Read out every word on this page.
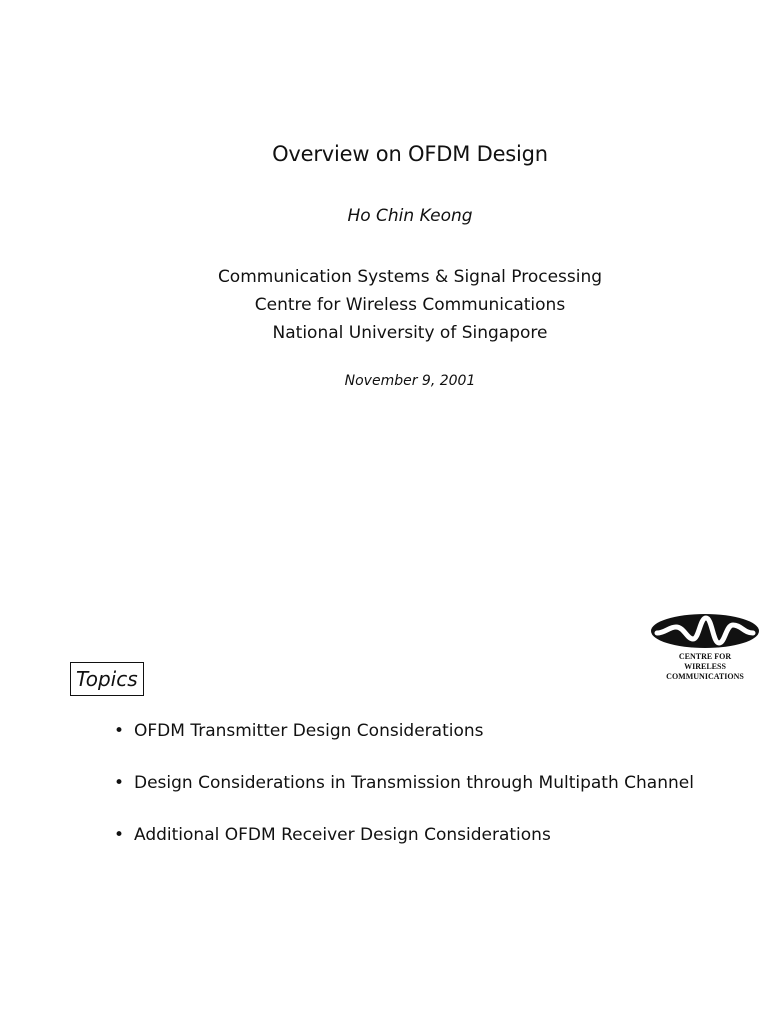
Overview on OFDM Design
Ho Chin Keong
Communication Systems & Signal Processing
Centre for Wireless Communications
National University of Singapore
November 9, 2001
CENTRE FOR
WIRELESS
COMMUNICATIONS
Topics
• OFDM Transmitter Design Considerations
• Design Considerations in Transmission through Multipath Channel
• Additional OFDM Receiver Design Considerations
